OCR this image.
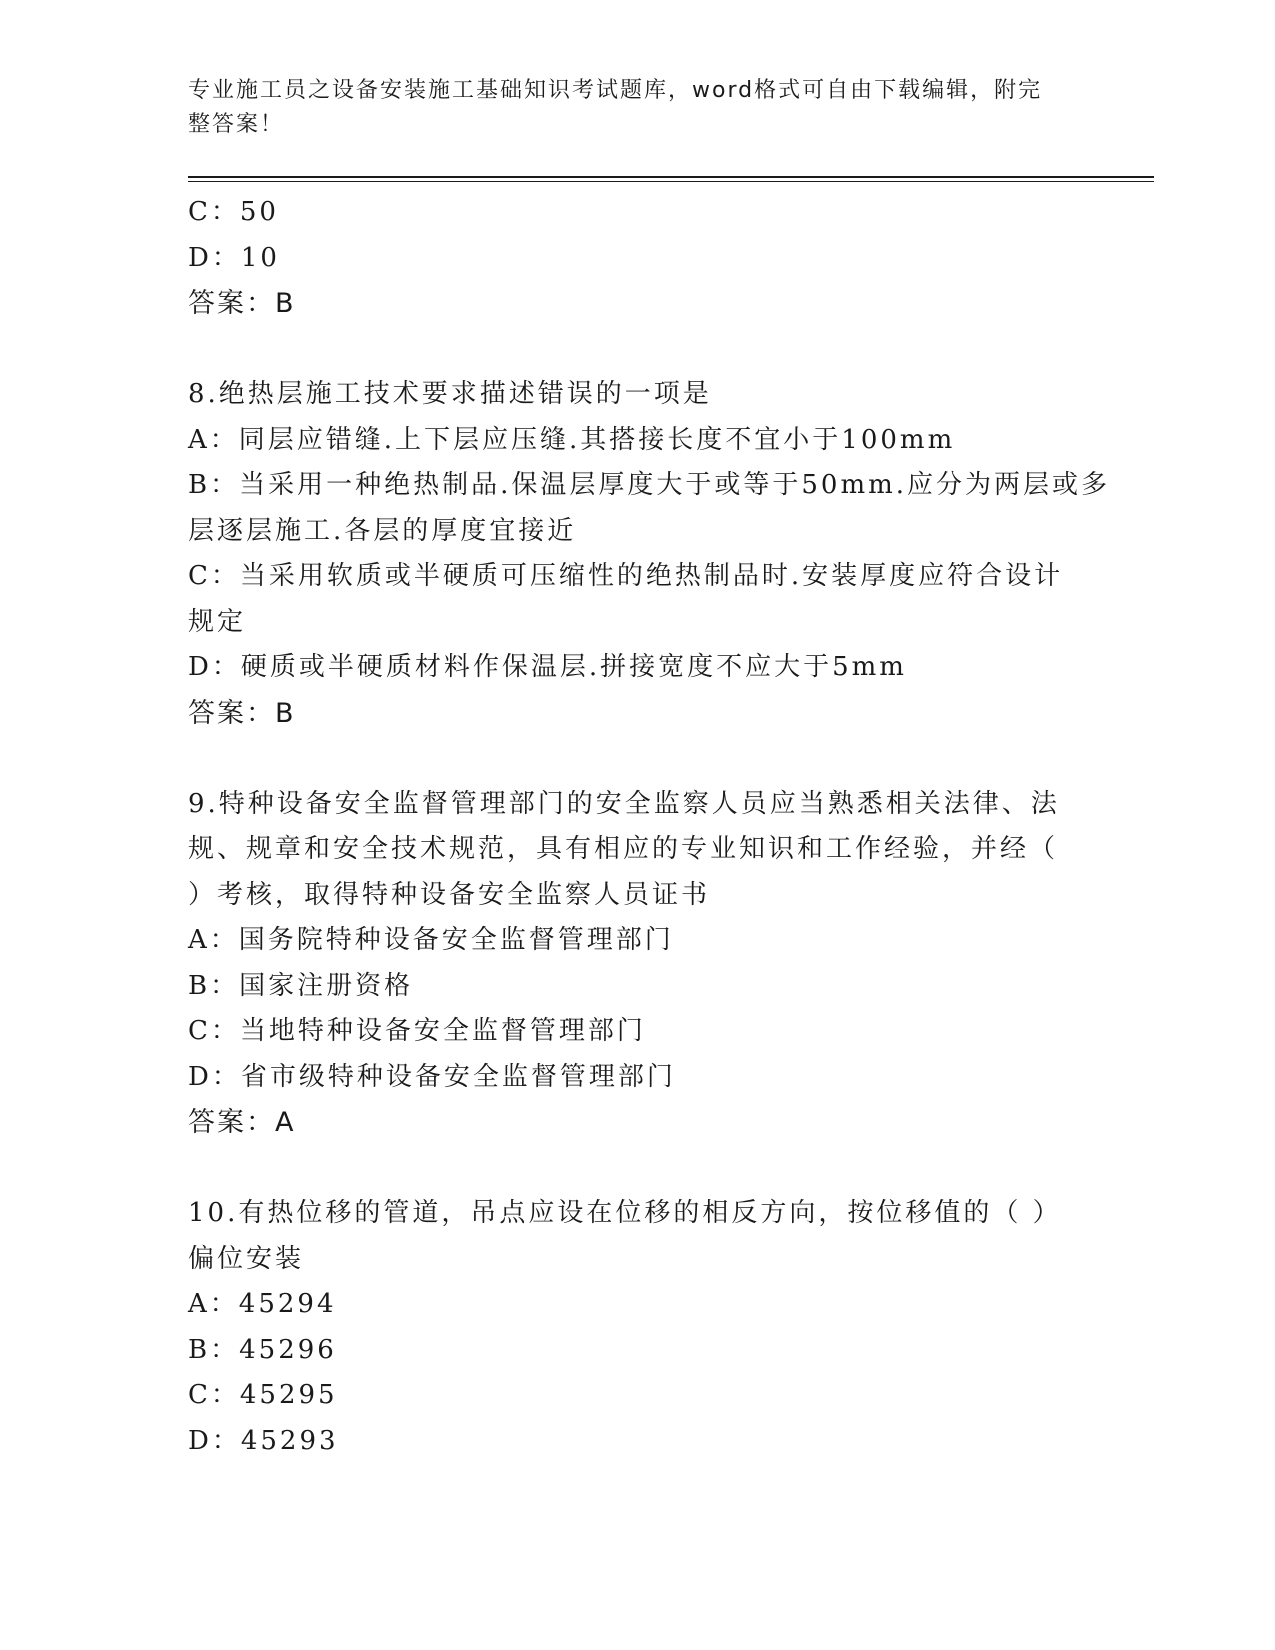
专业施工员之设备安装施工基础知识考试题库，word格式可自由下载编辑，附完
整答案！
C：50
D：10
答案：B
8.绝热层施工技术要求描述错误的一项是
A：同层应错缝.上下层应压缝.其搭接长度不宜小于100mm
B：当采用一种绝热制品.保温层厚度大于或等于50mm.应分为两层或多
层逐层施工.各层的厚度宜接近
C：当采用软质或半硬质可压缩性的绝热制品时.安装厚度应符合设计
规定
D：硬质或半硬质材料作保温层.拼接宽度不应大于5mm
答案：B
9.特种设备安全监督管理部门的安全监察人员应当熟悉相关法律、法
规、规章和安全技术规范，具有相应的专业知识和工作经验，并经（
）考核，取得特种设备安全监察人员证书
A：国务院特种设备安全监督管理部门
B：国家注册资格
C：当地特种设备安全监督管理部门
D：省市级特种设备安全监督管理部门
答案：A
10.有热位移的管道，吊点应设在位移的相反方向，按位移值的（ ）
偏位安装
A：45294
B：45296
C：45295
D：45293
